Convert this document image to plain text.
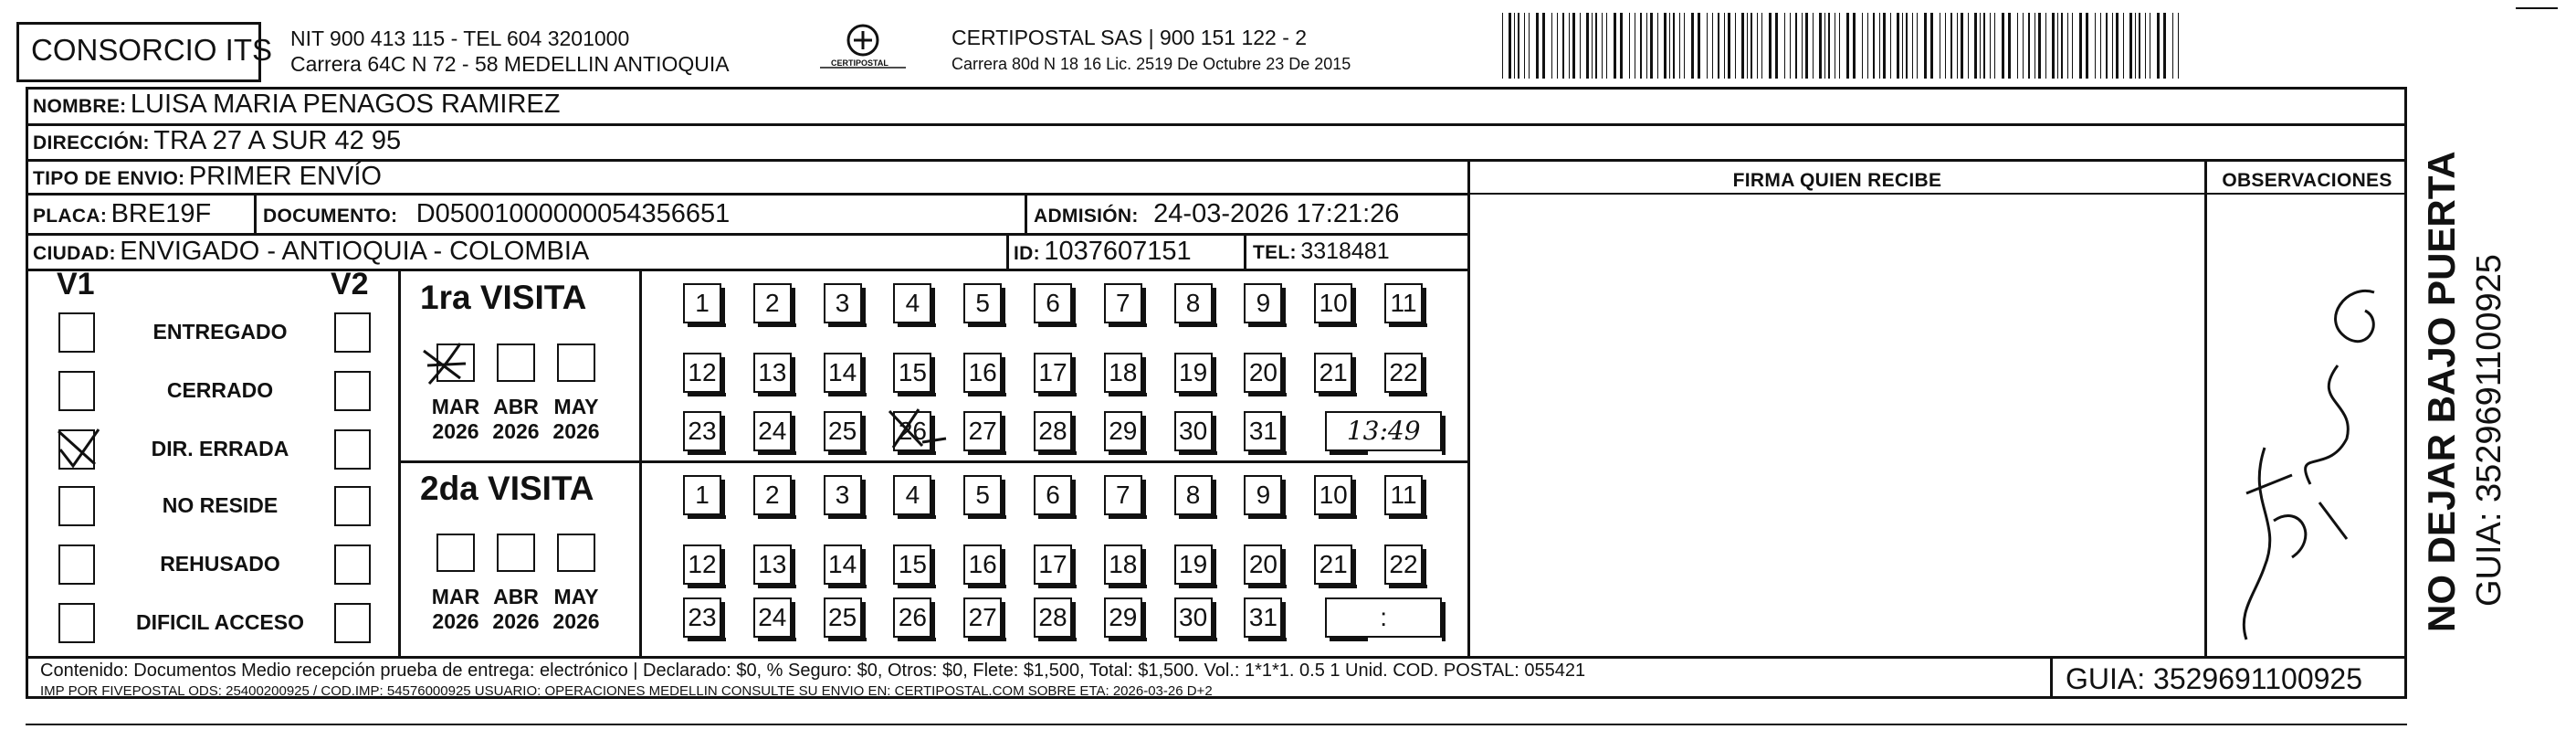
CONSORCIO ITS NIT 900 413 115 - TEL 604 3201000
Carrera 64C N 72 - 58 MEDELLIN ANTIOQUIA	CERTIPOSTAL
CERTIPOSTAL SAS | 900 151 122 - 2
Carrera 80d N 18 16 Lic. 2519 De Octubre 23 De 2015
NOMBRE: LUISA MARIA PENAGOS RAMIREZ
DIRECCIÓN: TRA 27 A SUR 42 95
TIPO DE ENVIO: PRIMER ENVÍO	FIRMA QUIEN RECIBE	OBSERVACIONES
PLACA: BRE19F	DOCUMENTO: D05001000000054356651	ADMISIÓN: 24-03-2026 17:21:26
CIUDAD: ENVIGADO - ANTIOQUIA - COLOMBIA	ID: 1037607151	TEL: 3318481
V1	V2
ENTREGADO
CERRADO
DIR. ERRADA
NO RESIDE
REHUSADO
DIFICIL ACCESO
1ra VISITA
2da VISITA
MAR
2026
ABR
2026
MAY
2026
MAR
2026
ABR
2026
MAY
2026
1	2	3	4	5	6	7	8	9	10 11
12 13 14 15 16 17 18 19 20 21 22
23 24 25 26 27 28 29 30 31	13:49
1	2	3	4	5	6	7	8	9	10 11
12 13 14 15 16 17 18 19 20 21 22
23 24 25 26 27 28 29 30 31	:
Contenido: Documentos Medio recepción prueba de entrega: electrónico | Declarado: $0, % Seguro: $0, Otros: $0, Flete: $1,500, Total: $1,500. Vol.: 1*1*1. 0.5 1 Unid. COD. POSTAL: 055421
IMP POR FIVEPOSTAL ODS: 25400200925 / COD.IMP: 54576000925 USUARIO: OPERACIONES MEDELLIN CONSULTE SU ENVIO EN: CERTIPOSTAL.COM SOBRE ETA: 2026-03-26 D+2	GUIA: 3529691100925
NO DEJAR BAJO PUERTA GUIA: 3529691100925
